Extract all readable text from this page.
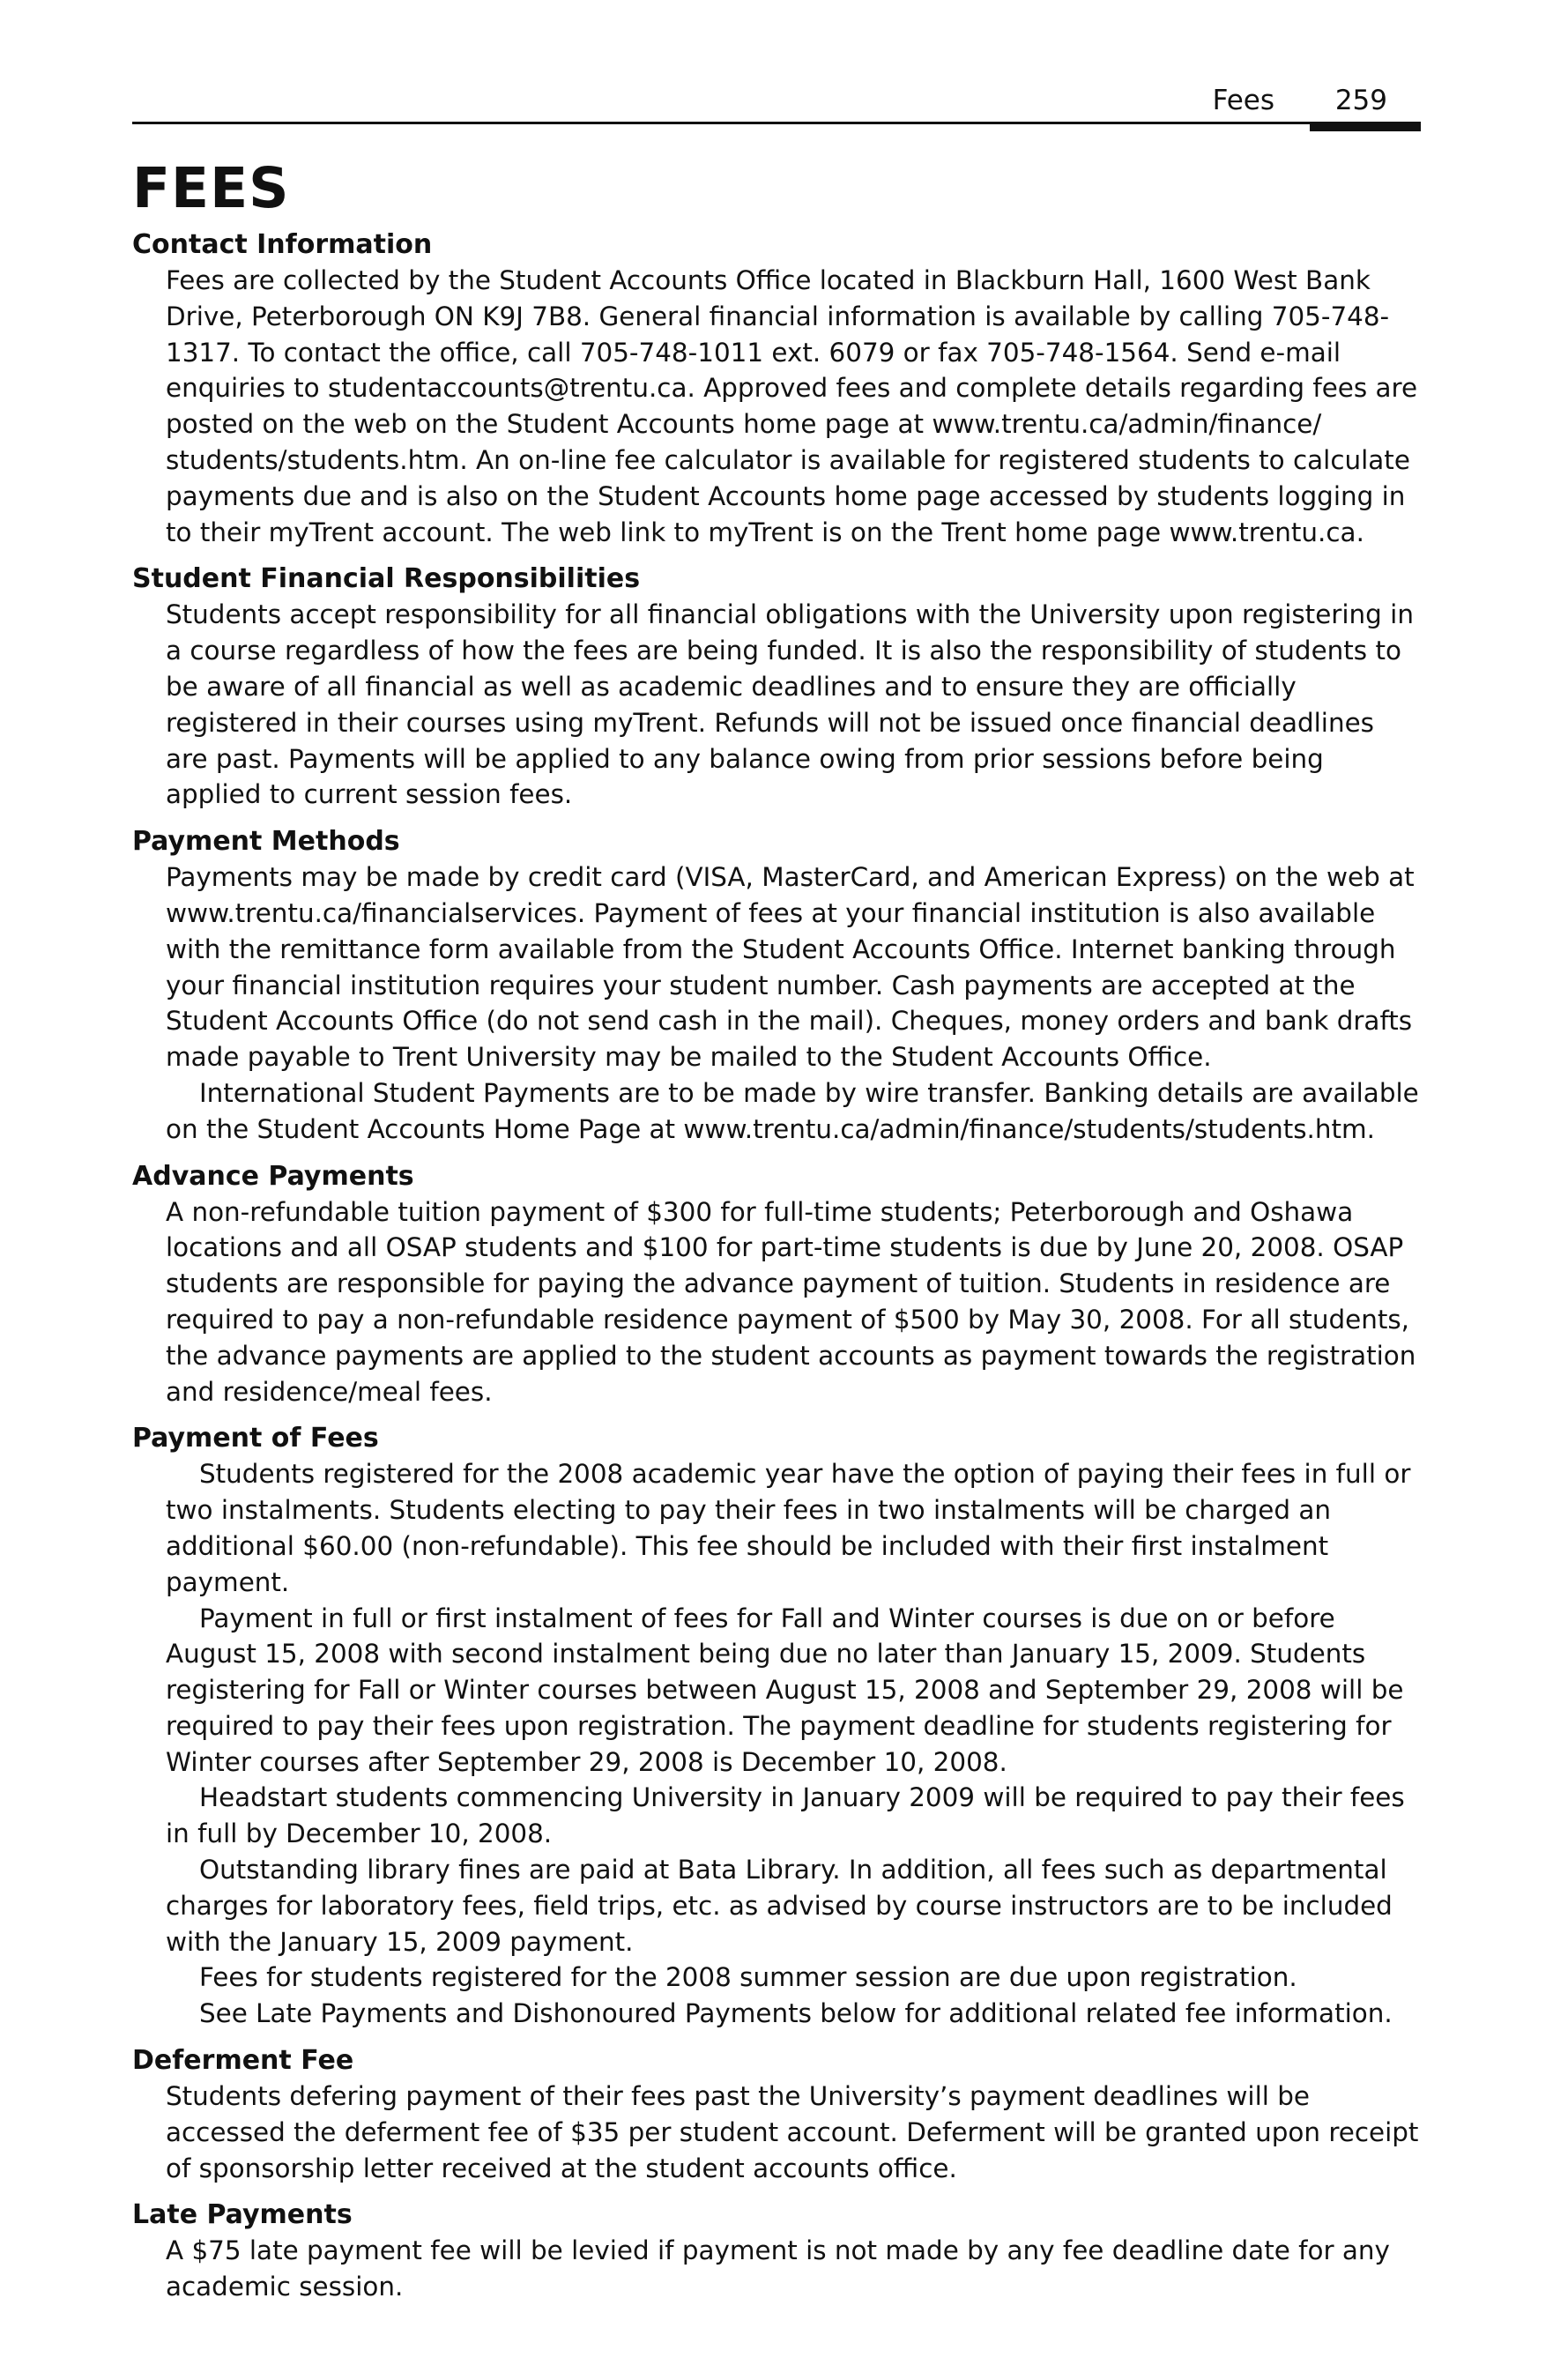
Fees 259
FEES
Contact Information

Fees are collected by the Student Accounts Office located in Blackburn Hall, 1600 West Bank Drive, Peterborough ON K9J 7B8. General financial information is available by calling 705-748-1317. To contact the office, call 705-748-1011 ext. 6079 or fax 705-748-1564. Send e-mail enquiries to studentaccounts@trentu.ca. Approved fees and complete details regarding fees are posted on the web on the Student Accounts home page at www.trentu.ca/admin/finance/ students/students.htm. An on-line fee calculator is available for registered students to calculate payments due and is also on the Student Accounts home page accessed by students logging in to their myTrent account. The web link to myTrent is on the Trent home page www.trentu.ca.

Student Financial Responsibilities

Students accept responsibility for all financial obligations with the University upon registering in a course regardless of how the fees are being funded. It is also the responsibility of students to be aware of all financial as well as academic deadlines and to ensure they are officially registered in their courses using myTrent. Refunds will not be issued once financial deadlines are past. Payments will be applied to any balance owing from prior sessions before being applied to current session fees.

Payment Methods

Payments may be made by credit card (VISA, MasterCard, and American Express) on the web at www.trentu.ca/financialservices. Payment of fees at your financial institution is also available with the remittance form available from the Student Accounts Office. Internet banking through your financial institution requires your student number. Cash payments are accepted at the Student Accounts Office (do not send cash in the mail). Cheques, money orders and bank drafts made payable to Trent University may be mailed to the Student Accounts Office.

International Student Payments are to be made by wire transfer. Banking details are available on the Student Accounts Home Page at www.trentu.ca/admin/finance/students/students.htm.

Advance Payments

A non-refundable tuition payment of $300 for full-time students; Peterborough and Oshawa locations and all OSAP students and $100 for part-time students is due by June 20, 2008. OSAP students are responsible for paying the advance payment of tuition. Students in residence are required to pay a non-refundable residence payment of $500 by May 30, 2008. For all students, the advance payments are applied to the student accounts as payment towards the registration and residence/meal fees.

Payment of Fees

Students registered for the 2008 academic year have the option of paying their fees in full or two instalments. Students electing to pay their fees in two instalments will be charged an additional $60.00 (non-refundable). This fee should be included with their first instalment payment.

Payment in full or first instalment of fees for Fall and Winter courses is due on or before August 15, 2008 with second instalment being due no later than January 15, 2009. Students registering for Fall or Winter courses between August 15, 2008 and September 29, 2008 will be required to pay their fees upon registration. The payment deadline for students registering for Winter courses after September 29, 2008 is December 10, 2008.

Headstart students commencing University in January 2009 will be required to pay their fees in full by December 10, 2008.

Outstanding library fines are paid at Bata Library. In addition, all fees such as departmental charges for laboratory fees, field trips, etc. as advised by course instructors are to be included with the January 15, 2009 payment.

Fees for students registered for the 2008 summer session are due upon registration.

See Late Payments and Dishonoured Payments below for additional related fee information.

Deferment Fee

Students defering payment of their fees past the University’s payment deadlines will be accessed the deferment fee of $35 per student account. Deferment will be granted upon receipt of sponsorship letter received at the student accounts office.

Late Payments

A $75 late payment fee will be levied if payment is not made by any fee deadline date for any academic session.
